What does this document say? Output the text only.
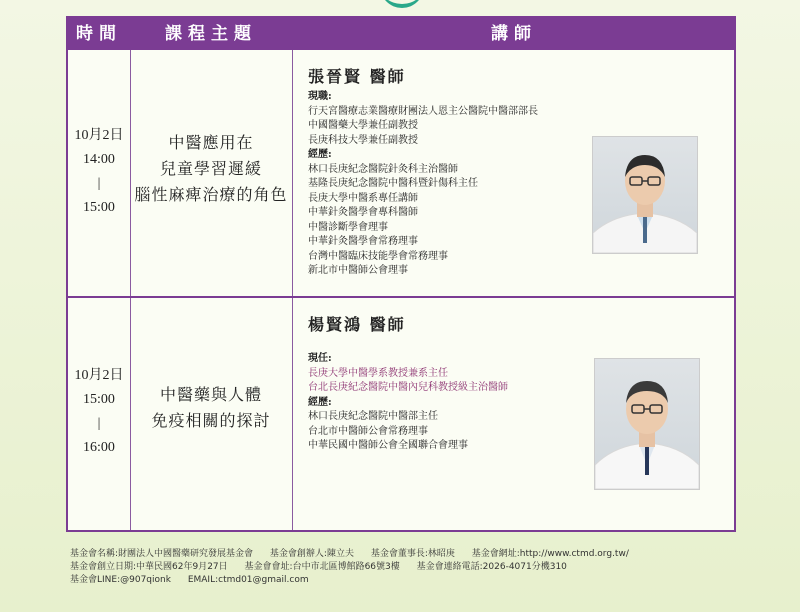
時間	課程主題	講師
10月2日
14:00
|
15:00
中醫應用在
兒童學習遲緩
腦性麻痺治療的角色
張晉賢 醫師
現職:
行天宮醫療志業醫療財團法人恩主公醫院中醫部部長
中國醫藥大學兼任副教授
長庚科技大學兼任副教授
經歷:
林口長庚紀念醫院針灸科主治醫師
基隆長庚紀念醫院中醫科暨針傷科主任
長庚大學中醫系專任講師
中華針灸醫學會專科醫師
中醫診斷學會理事
中華針灸醫學會常務理事
台灣中醫臨床技能學會常務理事
新北市中醫師公會理事
10月2日
15:00
|
16:00
中醫藥與人體
免疫相關的探討
楊賢鴻 醫師
現任:
長庚大學中醫學系教授兼系主任
台北長庚紀念醫院中醫內兒科教授級主治醫師
經歷:
林口長庚紀念醫院中醫部主任
台北市中醫師公會常務理事
中華民國中醫師公會全國聯合會理事
基金會名稱:財團法人中國醫藥研究發展基金會 基金會創辦人:陳立夫 基金會董事長:林昭庚 基金會網址:http://www.ctmd.org.tw/
基金會創立日期:中華民國62年9月27日 基金會會址:台中市北區博館路66號3樓 基金會連絡電話:2026-4071分機310
基金會LINE:@907qionk EMAIL:ctmd01@gmail.com
